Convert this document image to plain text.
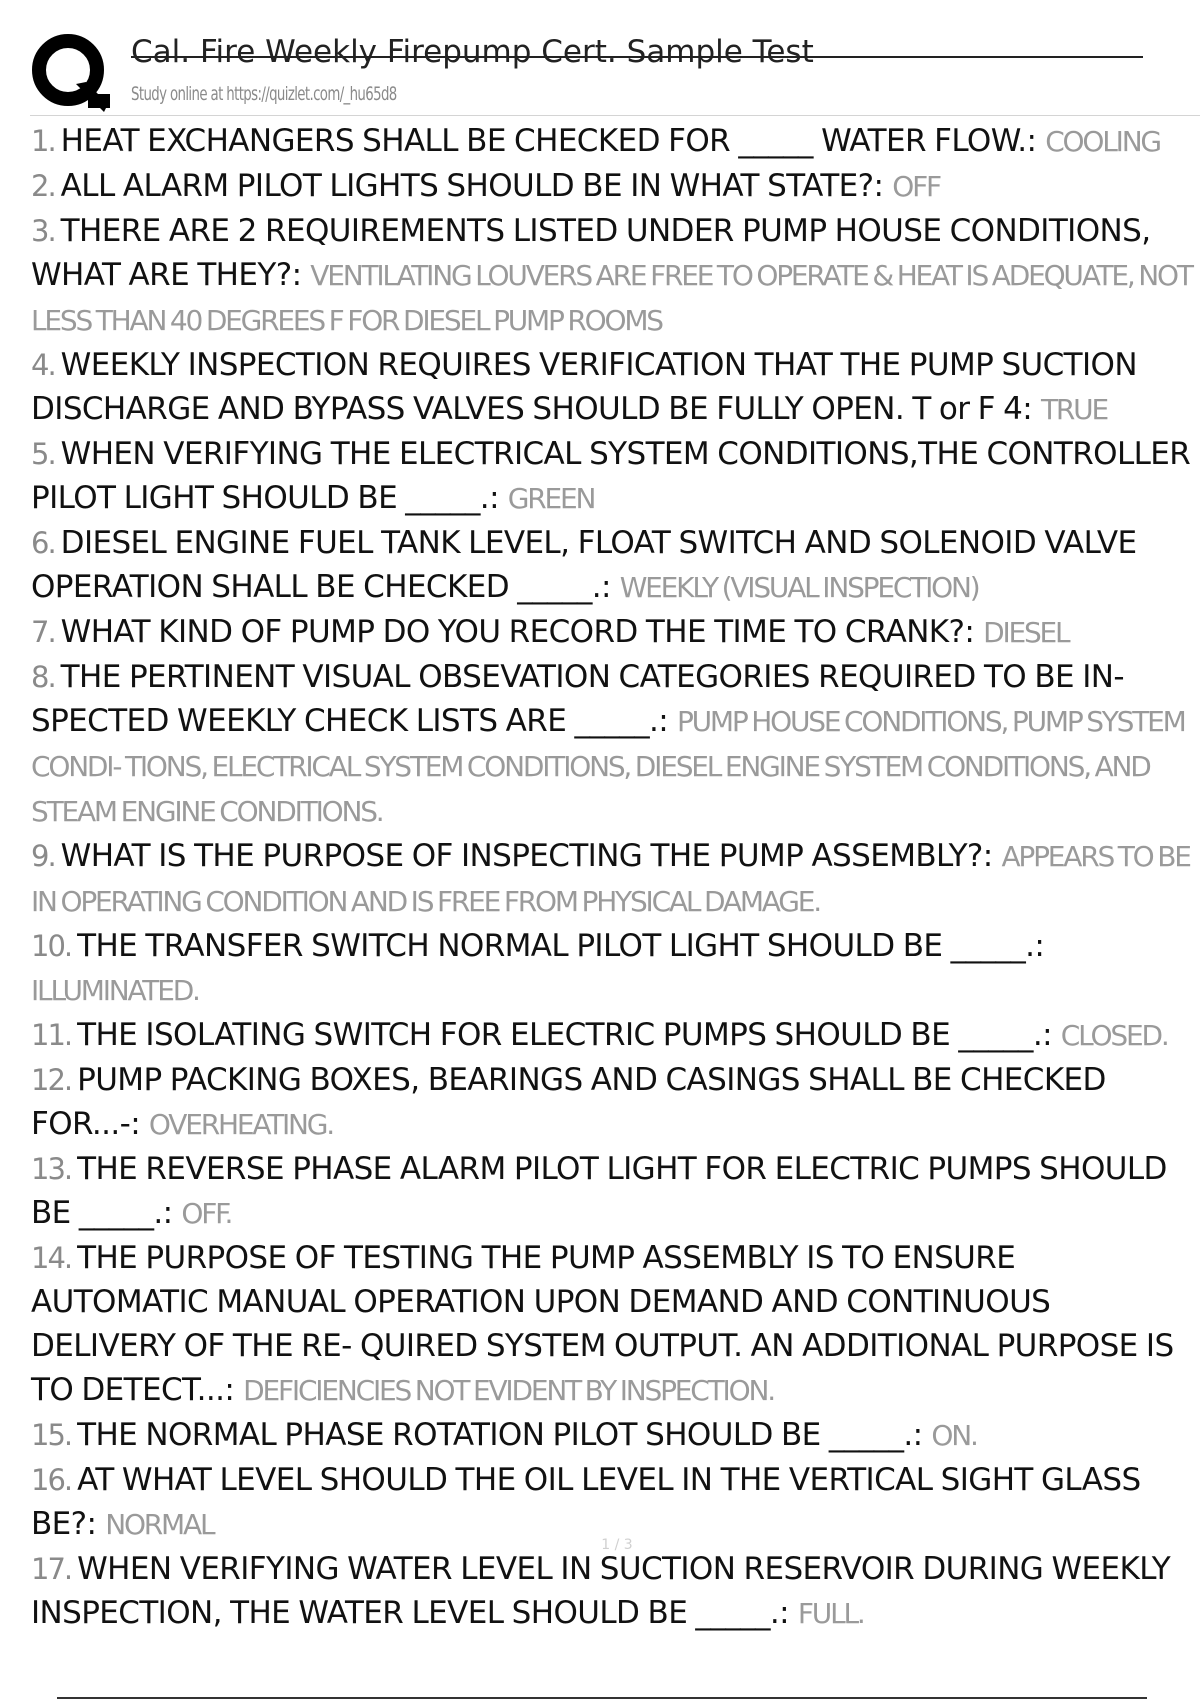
Cal. Fire Weekly Firepump Cert. Sample Test
Study online at https://quizlet.com/_hu65d8
1. HEAT EXCHANGERS SHALL BE CHECKED FOR _____ WATER FLOW.: COOLING
2. ALL ALARM PILOT LIGHTS SHOULD BE IN WHAT STATE?: OFF
3. THERE ARE 2 REQUIREMENTS LISTED UNDER PUMP HOUSE CONDITIONS, WHAT ARE THEY?: VENTILATING LOUVERS ARE FREE TO OPERATE & HEAT IS ADEQUATE, NOT LESS THAN 40 DEGREES F FOR DIESEL PUMP ROOMS
4. WEEKLY INSPECTION REQUIRES VERIFICATION THAT THE PUMP SUCTION DISCHARGE AND BYPASS VALVES SHOULD BE FULLY OPEN. T or F 4: TRUE
5. WHEN VERIFYING THE ELECTRICAL SYSTEM CONDITIONS,THE CONTROLLER PILOT LIGHT SHOULD BE _____.: GREEN
6. DIESEL ENGINE FUEL TANK LEVEL, FLOAT SWITCH AND SOLENOID VALVE OPERATION SHALL BE CHECKED _____.: WEEKLY (VISUAL INSPECTION)
7. WHAT KIND OF PUMP DO YOU RECORD THE TIME TO CRANK?: DIESEL
8. THE PERTINENT VISUAL OBSEVATION CATEGORIES REQUIRED TO BE IN- SPECTED WEEKLY CHECK LISTS ARE _____.: PUMP HOUSE CONDITIONS, PUMP SYSTEM CONDI- TIONS, ELECTRICAL SYSTEM CONDITIONS, DIESEL ENGINE SYSTEM CONDITIONS, AND STEAM ENGINE CONDITIONS.
9. WHAT IS THE PURPOSE OF INSPECTING THE PUMP ASSEMBLY?: APPEARS TO BE IN OPERATING CONDITION AND IS FREE FROM PHYSICAL DAMAGE.
10. THE TRANSFER SWITCH NORMAL PILOT LIGHT SHOULD BE _____.: ILLUMINATED.
11. THE ISOLATING SWITCH FOR ELECTRIC PUMPS SHOULD BE _____.: CLOSED.
12. PUMP PACKING BOXES, BEARINGS AND CASINGS SHALL BE CHECKED FOR...-: OVERHEATING.
13. THE REVERSE PHASE ALARM PILOT LIGHT FOR ELECTRIC PUMPS SHOULD BE _____.: OFF.
14. THE PURPOSE OF TESTING THE PUMP ASSEMBLY IS TO ENSURE AUTOMATIC MANUAL OPERATION UPON DEMAND AND CONTINUOUS DELIVERY OF THE RE- QUIRED SYSTEM OUTPUT. AN ADDITIONAL PURPOSE IS TO DETECT...: DEFICIENCIES NOT EVIDENT BY INSPECTION.
15. THE NORMAL PHASE ROTATION PILOT SHOULD BE _____.: ON.
16. AT WHAT LEVEL SHOULD THE OIL LEVEL IN THE VERTICAL SIGHT GLASS BE?: NORMAL
17. WHEN VERIFYING WATER LEVEL IN SUCTION RESERVOIR DURING WEEKLY INSPECTION, THE WATER LEVEL SHOULD BE _____.: FULL.
1 / 3
